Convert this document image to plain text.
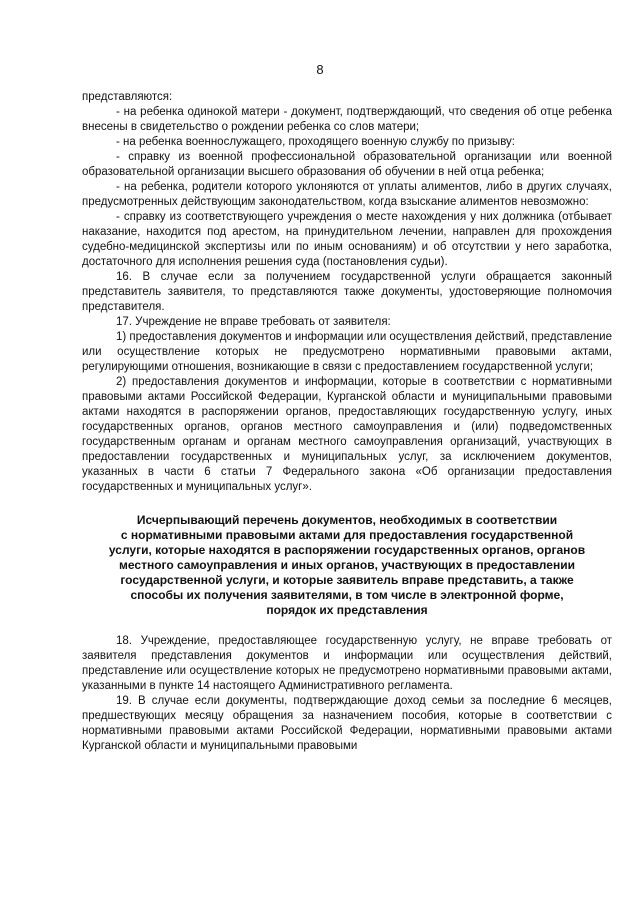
8

представляются:

- на ребенка одинокой матери - документ, подтверждающий, что сведения об отце ребенка внесены в свидетельство о рождении ребенка со слов матери;

- на ребенка военнослужащего, проходящего военную службу по призыву:

- справку из военной профессиональной образовательной организации или военной образовательной организации высшего образования об обучении в ней отца ребенка;

- на ребенка, родители которого уклоняются от уплаты алиментов, либо в других случаях, предусмотренных действующим законодательством, когда взыскание алиментов невозможно:

- справку из соответствующего учреждения о месте нахождения у них должника (отбывает наказание, находится под арестом, на принудительном лечении, направлен для прохождения судебно-медицинской экспертизы или по иным основаниям) и об отсутствии у него заработка, достаточного для исполнения решения суда (постановления судьи).

16. В случае если за получением государственной услуги обращается законный представитель заявителя, то представляются также документы, удостоверяющие полномочия представителя.

17. Учреждение не вправе требовать от заявителя:

1) предоставления документов и информации или осуществления действий, представление или осуществление которых не предусмотрено нормативными правовыми актами, регулирующими отношения, возникающие в связи с предоставлением государственной услуги;

2) предоставления документов и информации, которые в соответствии с нормативными правовыми актами Российской Федерации, Курганской области и муниципальными правовыми актами находятся в распоряжении органов, предоставляющих государственную услугу, иных государственных органов, органов местного самоуправления и (или) подведомственных государственным органам и органам местного самоуправления организаций, участвующих в предоставлении государственных и муниципальных услуг, за исключением документов, указанных в части 6 статьи 7 Федерального закона «Об организации предоставления государственных и муниципальных услуг».

Исчерпывающий перечень документов, необходимых в соответствии
с нормативными правовыми актами для предоставления государственной
услуги, которые находятся в распоряжении государственных органов, органов
местного самоуправления и иных органов, участвующих в предоставлении
государственной услуги, и которые заявитель вправе представить, а также
способы их получения заявителями, в том числе в электронной форме,
порядок их представления

18. Учреждение, предоставляющее государственную услугу, не вправе требовать от заявителя представления документов и информации или осуществления действий, представление или осуществление которых не предусмотрено нормативными правовыми актами, указанными в пункте 14 настоящего Административного регламента.

19. В случае если документы, подтверждающие доход семьи за последние 6 месяцев, предшествующих месяцу обращения за назначением пособия, которые в соответствии с нормативными правовыми актами Российской Федерации, нормативными правовыми актами Курганской области и муниципальными правовыми
